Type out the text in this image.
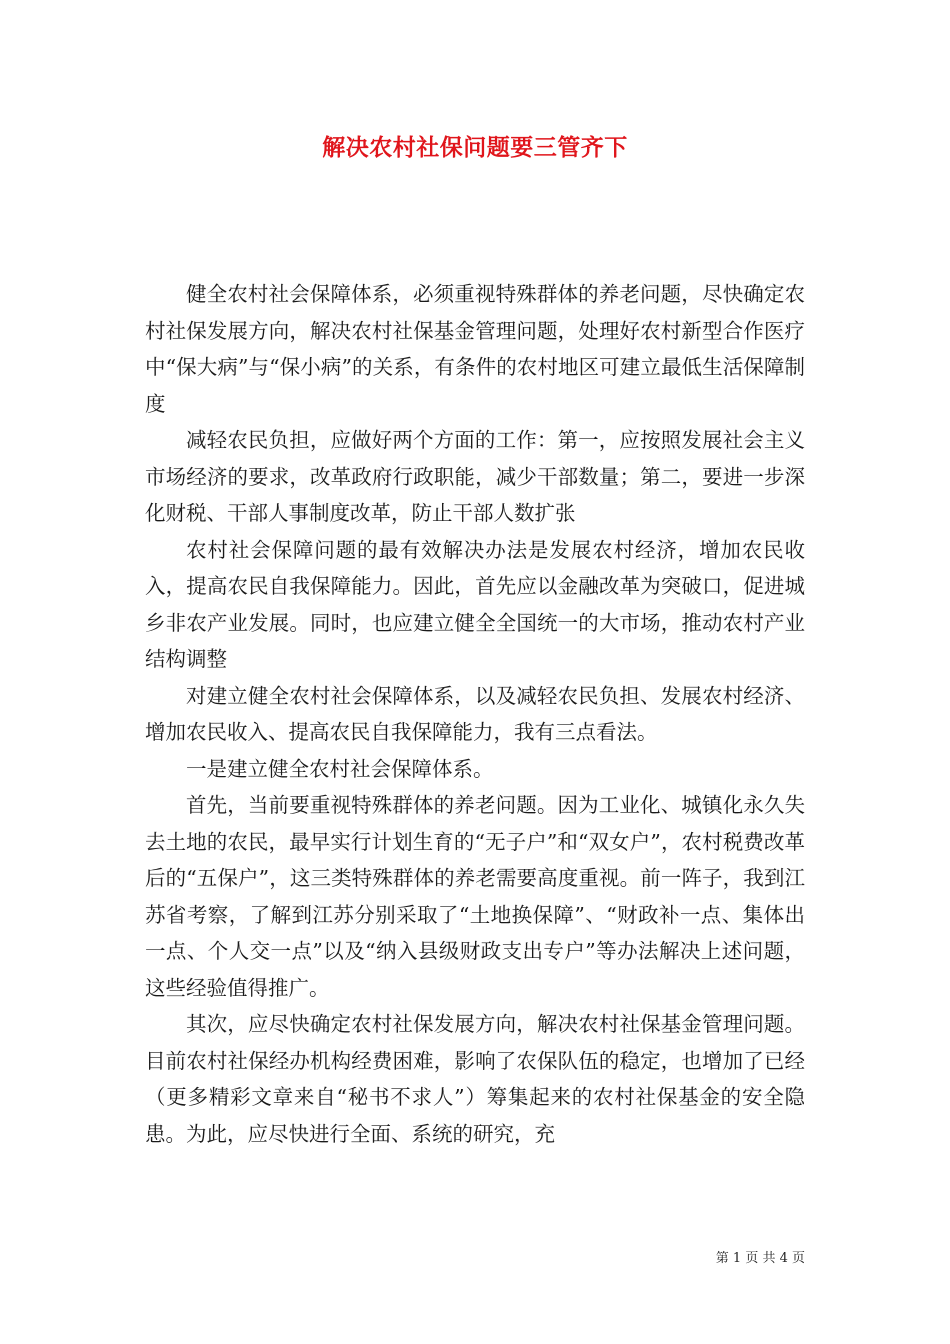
解决农村社保问题要三管齐下

健全农村社会保障体系，必须重视特殊群体的养老问题，尽快确定农村社保发展方向，解决农村社保基金管理问题，处理好农村新型合作医疗中“保大病”与“保小病”的关系，有条件的农村地区可建立最低生活保障制度

减轻农民负担，应做好两个方面的工作：第一，应按照发展社会主义市场经济的要求，改革政府行政职能，减少干部数量；第二，要进一步深化财税、干部人事制度改革，防止干部人数扩张

农村社会保障问题的最有效解决办法是发展农村经济，增加农民收入，提高农民自我保障能力。因此，首先应以金融改革为突破口，促进城乡非农产业发展。同时，也应建立健全全国统一的大市场，推动农村产业结构调整

对建立健全农村社会保障体系，以及减轻农民负担、发展农村经济、增加农民收入、提高农民自我保障能力，我有三点看法。

一是建立健全农村社会保障体系。

首先，当前要重视特殊群体的养老问题。因为工业化、城镇化永久失去土地的农民，最早实行计划生育的“无子户”和“双女户”，农村税费改革后的“五保户”，这三类特殊群体的养老需要高度重视。前一阵子，我到江苏省考察，了解到江苏分别采取了“土地换保障”、“财政补一点、集体出一点、个人交一点”以及“纳入县级财政支出专户”等办法解决上述问题，这些经验值得推广。

其次，应尽快确定农村社保发展方向，解决农村社保基金管理问题。目前农村社保经办机构经费困难，影响了农保队伍的稳定，也增加了已经（更多精彩文章来自“秘书不求人”）筹集起来的农村社保基金的安全隐患。为此，应尽快进行全面、系统的研究，充

第 1 页 共 4 页
